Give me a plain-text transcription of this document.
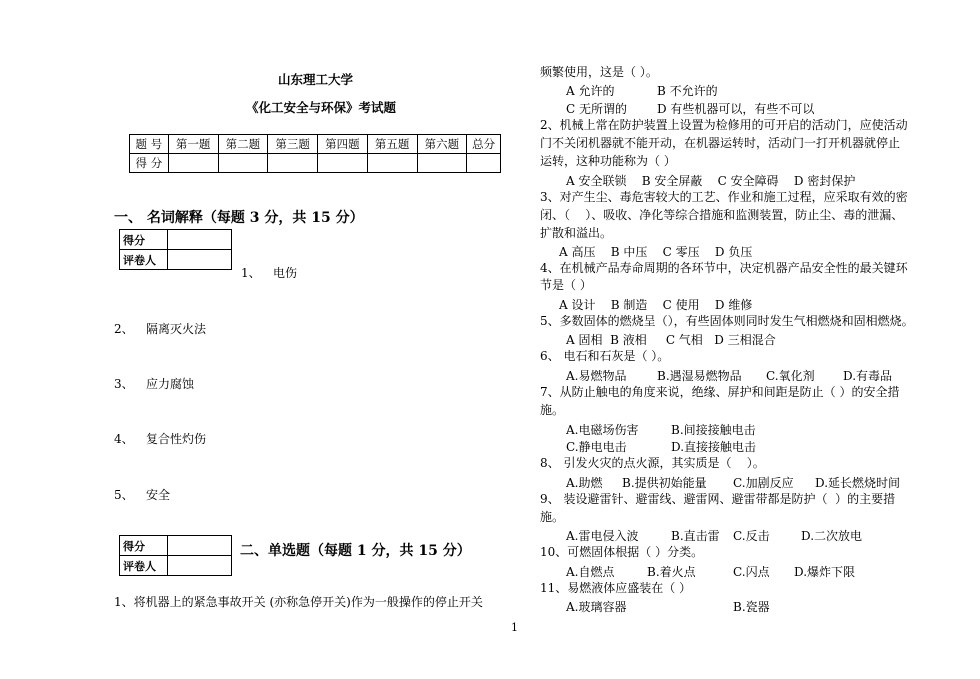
山东理工大学
《化工安全与环保》考试题
题 号	第一题	第二题	第三题	第四题	第五题	第六题	总分
得 分							
一、 名词解释（每题 3 分，共 15 分）
得分	
评卷人	
1、 电伤
2、 隔离灭火法
3、 应力腐蚀
4、 复合性灼伤
5、 安全
得分	
评卷人	
二、单选题（每题 1 分，共 15 分）
1、将机器上的紧急事故开关 (亦称急停开关)作为一般操作的停止开关
频繁使用，这是（ ）。
A 允许的	B 不允许的
C 无所谓的	D 有些机器可以，有些不可以
2、机械上常在防护装置上设置为检修用的可开启的活动门，应使活动
门不关闭机器就不能开动，在机器运转时，活动门一打开机器就停止
运转，这种功能称为（ ）
A 安全联锁    B 安全屏蔽    C 安全障碍    D 密封保护
3、对产生尘、毒危害较大的工艺、作业和施工过程，应采取有效的密
闭、（    ）、吸收、净化等综合措施和监测装置，防止尘、毒的泄漏、
扩散和溢出。
A 高压    B 中压    C 零压    D 负压
4、在机械产品寿命周期的各环节中，决定机器产品安全性的最关键环
节是（ ）
A 设计    B 制造    C 使用    D 维修
5、多数固体的燃烧呈（），有些固体则同时发生气相燃烧和固相燃烧。
A 固相  B 液相     C 气相   D 三相混合
6、 电石和石灰是（ ）。
A.易燃物品	B.遇湿易燃物品 C.氧化剂 D.有毒品
7、从防止触电的角度来说，绝缘、屏护和间距是防止（ ）的安全措
施。
A.电磁场伤害	B.间接接触电击
C.静电电击	D.直接接触电击
8、 引发火灾的点火源，其实质是（    ）。
A.助燃 B.提供初始能量 C.加剧反应 D.延长燃烧时间
9、 装设避雷针、避雷线、避雷网、避雷带都是防护（  ）的主要措
施。
A.雷电侵入波	B.直击雷 C.反击	D.二次放电
10、可燃固体根据（ ）分类。
A.自燃点	B.着火点	C.闪点 D.爆炸下限
11、易燃液体应盛装在（ ）
A.玻璃容器	B.瓷器
1
